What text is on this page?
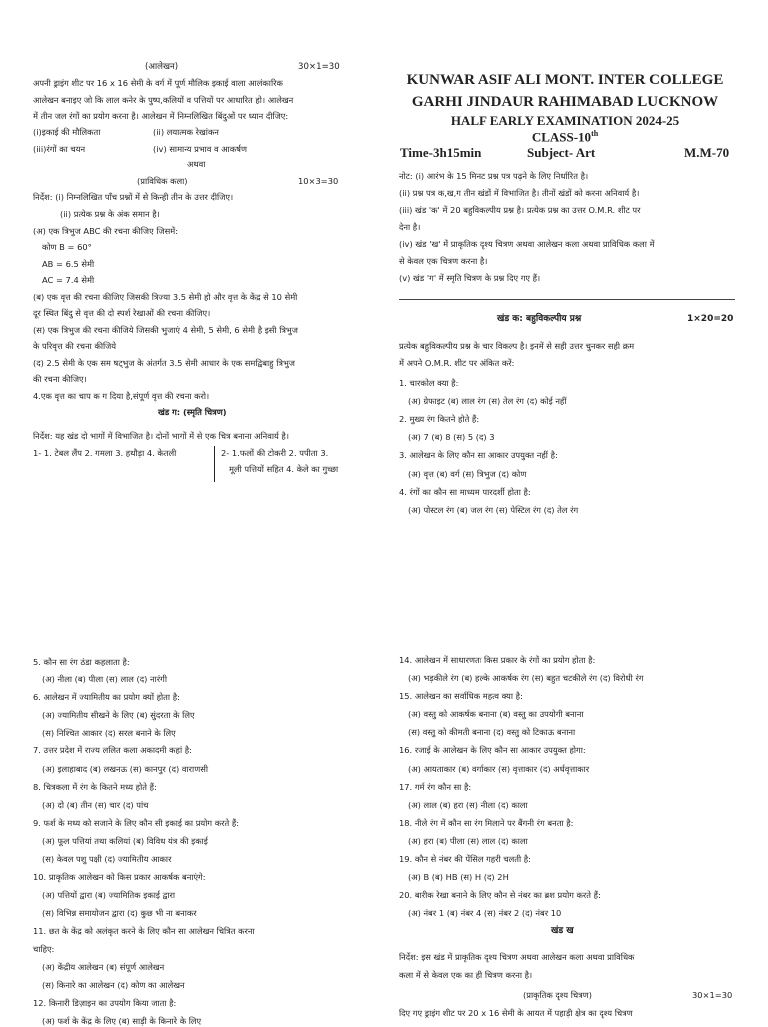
(आलेखन)	30×1=30
अपनी ड्राइंग शीट पर 16 x 16 सेमी के वर्ग में पूर्ण मौलिक इकाई वाला आलंकारिक
आलेखन बनाइए जो कि लाल कनेर के पुष्प,कलियों व पत्तियों पर आधारित हो। आलेखन
में तीन जल रंगों का प्रयोग करना है। आलेखन में निम्नलिखित बिंदुओं पर ध्यान दीजिए:
(i)इकाई की मौलिकता	(ii) लयात्मक रेखांकन
(iii)रंगों का चयन	(iv) सामान्य प्रभाव व आकर्षण
अथवा
(प्राविधिक कला)	10×3=30
निर्देश: (i) निम्नलिखित पाँच प्रश्नों में से किन्ही तीन के उत्तर दीजिए।
(ii) प्रत्येक प्रश्न के अंक समान है।
(अ) एक त्रिभुज ABC की रचना कीजिए जिसमें:
कोण B = 60°
AB = 6.5 सेमी
AC = 7.4 सेमी
(ब) एक वृत्त की रचना कीजिए जिसकी त्रिज्या 3.5 सेमी हो और वृत्त के केंद्र से 10 सेमी
दूर स्थित बिंदु से वृत्त की दो स्पर्श रेखाओं की रचना कीजिए।
(स) एक त्रिभुज की रचना कीजिये जिसकी भुजाएं 4 सेमी, 5 सेमी, 6 सेमी है इसी त्रिभुज
के परिवृत्त की रचना कीजिये
(द) 2.5 सेमी के एक सम षट्भुज के अंतर्गत 3.5 सेमी आधार के एक समद्विबाहु त्रिभुज
की रचना कीजिए।
4.एक वृत्त का चाप क ग दिया है,संपूर्ण वृत्त की रचना करो।
खंड ग: (स्मृति चित्रण)
निर्देश: यह खंड दो भागों में विभाजित है। दोनों भागों में से एक चित्र बनाना अनिवार्य है।
1- 1. टेबल लैंप 2. गमला 3. हथौड़ा 4. केतली	2- 1.फलों की टोकरी 2. पपीता 3.
मूली पत्तियों सहित 4. केले का गुच्छा
KUNWAR ASIF ALI MONT. INTER COLLEGE
GARHI JINDAUR RAHIMABAD LUCKNOW
HALF EARLY EXAMINATION 2024-25
CLASS-10th
Time-3h15min	Subject- Art	M.M-70
नोट: (i) आरंभ के 15 मिनट प्रश्न पत्र पढ़ने के लिए निर्धारित है।
(ii) प्रश्न पत्र क,ख,ग तीन खंडों में विभाजित है। तीनों खंडों को करना अनिवार्य है।
(iii) खंड 'क' में 20 बहुविकल्पीय प्रश्न है। प्रत्येक प्रश्न का उत्तर O.M.R. शीट पर
देना है।
(iv) खंड 'ख' में प्राकृतिक दृश्य चित्रण अथवा आलेखन कला अथवा प्राविधिक कला में
से केवल एक चित्रण करना है।
(v) खंड 'ग' में स्मृति चित्रण के प्रश्न दिए गए हैं।
खंड क: बहुविकल्पीय प्रश्न	1×20=20
प्रत्येक बहुविकल्पीय प्रश्न के चार विकल्प है। इनमें से सही उत्तर चुनकर सही क्रम
में अपने O.M.R. शीट पर अंकित करें:
1. चारकोल क्या है:
(अ) ग्रेफाइट (ब) लाल रंग (स) तेल रंग (द) कोई नहीं
2. मुख्य रंग कितने होते हैं:
(अ) 7 (ब) 8 (स) 5 (द) 3
3. आलेखन के लिए कौन सा आकार उपयुक्त नहीं है:
(अ) वृत्त (ब) वर्ग (स) त्रिभुज (द) कोण
4. रंगों का कौन सा माध्यम पारदर्शी होता है:
(अ) पोस्टल रंग (ब) जल रंग (स) पेस्टिल रंग (द) तेल रंग
5. कौन सा रंग ठंडा कहलाता है:
(अ) नीला (ब) पीला (स) लाल (द) नारंगी
6. आलेखन में ज्यामितीय का प्रयोग क्यों होता है:
(अ) ज्यामितीय सीखने के लिए (ब) सुंदरता के लिए
(स) निश्चित आकार (द) सरल बनाने के लिए
7. उत्तर प्रदेश में राज्य ललित कला अकादमी कहां है:
(अ) इलाहाबाद (ब) लखनऊ (स) कानपुर (द) वाराणसी
8. चित्रकला में रंग के कितने मध्य होते हैं:
(अ) दो (ब) तीन (स) चार (द) पांच
9. फर्श के मध्य को सजाने के लिए कौन सी इकाई का प्रयोग करते हैं:
(अ) फूल पत्तियां तथा कलियां (ब) विविध यंत्र की इकाई
(स) केवल पशु पक्षी (द) ज्यामितीय आकार
10. प्राकृतिक आलेखन को किस प्रकार आकर्षक बनाएंगे:
(अ) पत्तियों द्वारा (ब) ज्यामितिक इकाई द्वारा
(स) विभिन्न समायोजन द्वारा (द) कुछ भी ना बनाकर
11. छत के केंद्र को अलंकृत करने के लिए कौन सा आलेखन चित्रित करना
चाहिए:
(अ) केंद्रीय आलेखन (ब) संपूर्ण आलेखन
(स) किनारे का आलेखन (द) कोण का आलेखन
12. किनारी डिज़ाइन का उपयोग किया जाता है:
(अ) फर्श के केंद्र के लिए (ब) साड़ी के किनारे के लिए
14. आलेखन में साधारणतः किस प्रकार के रंगों का प्रयोग होता है:
(अ) भड़कीले रंग (ब) हल्के आकर्षक रंग (स) बहुत चटकीले रंग (द) विरोधी रंग
15. आलेखन का सर्वाधिक महत्व क्या है:
(अ) वस्तु को आकर्षक बनाना (ब) वस्तु का उपयोगी बनाना
(स) वस्तु को कीमती बनाना (द) वस्तु को टिकाऊ बनाना
16. रजाई के आलेखन के लिए कौन सा आकार उपयुक्त होगा:
(अ) आयताकार (ब) वर्गाकार (स) वृत्ताकार (द) अर्धवृत्ताकार
17. गर्म रंग कौन सा है:
(अ) लाल (ब) हरा (स) नीला (द) काला
18. नीले रंग में कौन सा रंग मिलाने पर बैंगनी रंग बनता है:
(अ) हरा (ब) पीला (स) लाल (द) काला
19. कौन से नंबर की पेंसिल गहरी चलती है:
(अ) B (ब) HB (स) H (द) 2H
20. बारीक रेखा बनाने के लिए कौन से नंबर का ब्रश प्रयोग करते हैं:
(अ) नंबर 1 (ब) नंबर 4 (स) नंबर 2 (द) नंबर 10
खंड ख
निर्देश: इस खंड में प्राकृतिक दृश्य चित्रण अथवा आलेखन कला अथवा प्राविधिक
कला में से केवल एक का ही चित्रण करना है।
(प्राकृतिक दृश्य चित्रण)	30×1=30
दिए गए ड्राइंग शीट पर 20 x 16 सेमी के आयत में पहाड़ी क्षेत्र का दृश्य चित्रण
